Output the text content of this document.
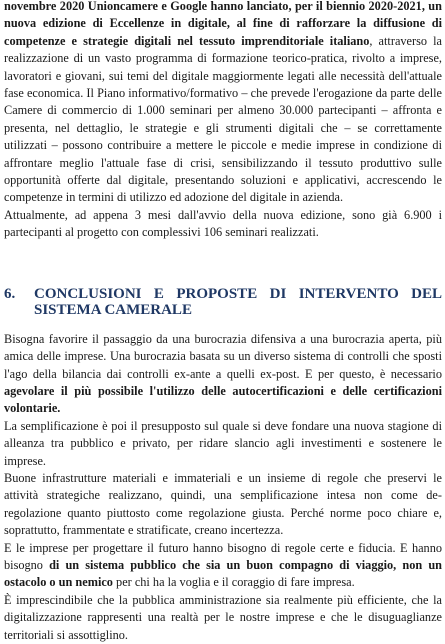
novembre 2020 Unioncamere e Google hanno lanciato, per il biennio 2020-2021, un nuova edizione di Eccellenze in digitale, al fine di rafforzare la diffusione di competenze e strategie digitali nel tessuto imprenditoriale italiano, attraverso la realizzazione di un vasto programma di formazione teorico-pratica, rivolto a imprese, lavoratori e giovani, sui temi del digitale maggiormente legati alle necessità dell'attuale fase economica. Il Piano informativo/formativo – che prevede l'erogazione da parte delle Camere di commercio di 1.000 seminari per almeno 30.000 partecipanti – affronta e presenta, nel dettaglio, le strategie e gli strumenti digitali che – se correttamente utilizzati – possono contribuire a mettere le piccole e medie imprese in condizione di affrontare meglio l'attuale fase di crisi, sensibilizzando il tessuto produttivo sulle opportunità offerte dal digitale, presentando soluzioni e applicativi, accrescendo le competenze in termini di utilizzo ed adozione del digitale in azienda.

Attualmente, ad appena 3 mesi dall'avvio della nuova edizione, sono già 6.900 i partecipanti al progetto con complessivi 106 seminari realizzati.

6.	CONCLUSIONI E PROPOSTE DI INTERVENTO DEL
SISTEMA CAMERALE

Bisogna favorire il passaggio da una burocrazia difensiva a una burocrazia aperta, più amica delle imprese. Una burocrazia basata su un diverso sistema di controlli che sposti l'ago della bilancia dai controlli ex-ante a quelli ex-post. E per questo, è necessario agevolare il più possibile l'utilizzo delle autocertificazioni e delle certificazioni volontarie.

La semplificazione è poi il presupposto sul quale si deve fondare una nuova stagione di alleanza tra pubblico e privato, per ridare slancio agli investimenti e sostenere le imprese.

Buone infrastrutture materiali e immateriali e un insieme di regole che preservi le attività strategiche realizzano, quindi, una semplificazione intesa non come de-regolazione quanto piuttosto come regolazione giusta. Perché norme poco chiare e, soprattutto, frammentate e stratificate, creano incertezza.

E le imprese per progettare il futuro hanno bisogno di regole certe e fiducia. E hanno bisogno di un sistema pubblico che sia un buon compagno di viaggio, non un ostacolo o un nemico per chi ha la voglia e il coraggio di fare impresa.

È imprescindibile che la pubblica amministrazione sia realmente più efficiente, che la digitalizzazione rappresenti una realtà per le nostre imprese e che le disuguaglianze territoriali si assottiglino.
